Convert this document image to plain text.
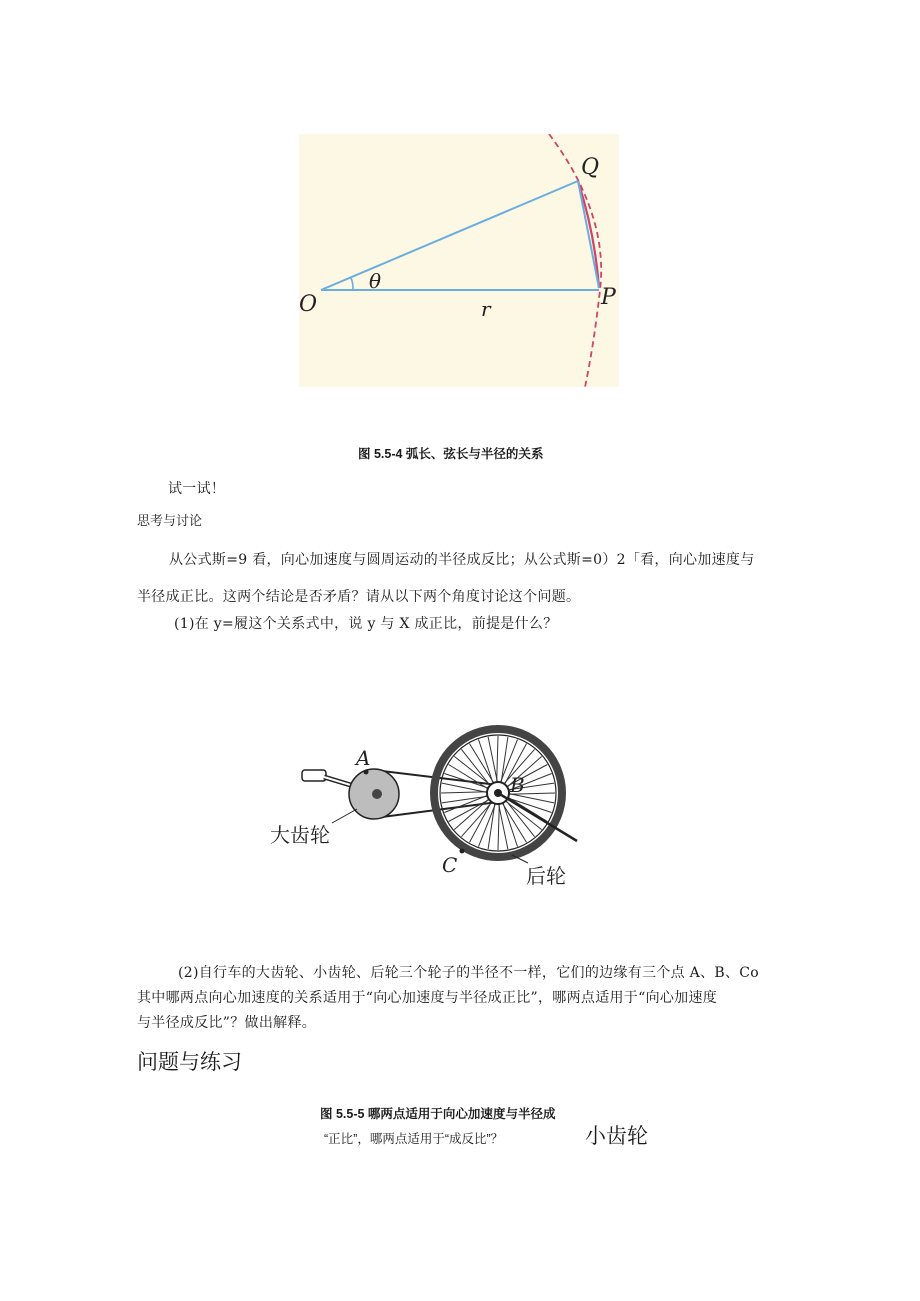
O	P
Q
r
θ
图 5.5-4 弧长、弦长与半径的关系
试一试！
思考与讨论
从公式斯=9 看，向心加速度与圆周运动的半径成反比；从公式斯=0）2「看，向心加速度与
半径成正比。这两个结论是否矛盾？请从以下两个角度讨论这个问题。
(1)在 y=履这个关系式中，说 y 与 X 成正比，前提是什么？
A
B
C
大齿轮
后轮
(2)自行车的大齿轮、小齿轮、后轮三个轮子的半径不一样，它们的边缘有三个点 A、B、Co
其中哪两点向心加速度的关系适用于“向心加速度与半径成正比”，哪两点适用于“向心加速度
与半径成反比”？做出解释。
问题与练习
图 5.5-5 哪两点适用于向心加速度与半径成
“正比”，哪两点适用于“成反比”？	小齿轮
